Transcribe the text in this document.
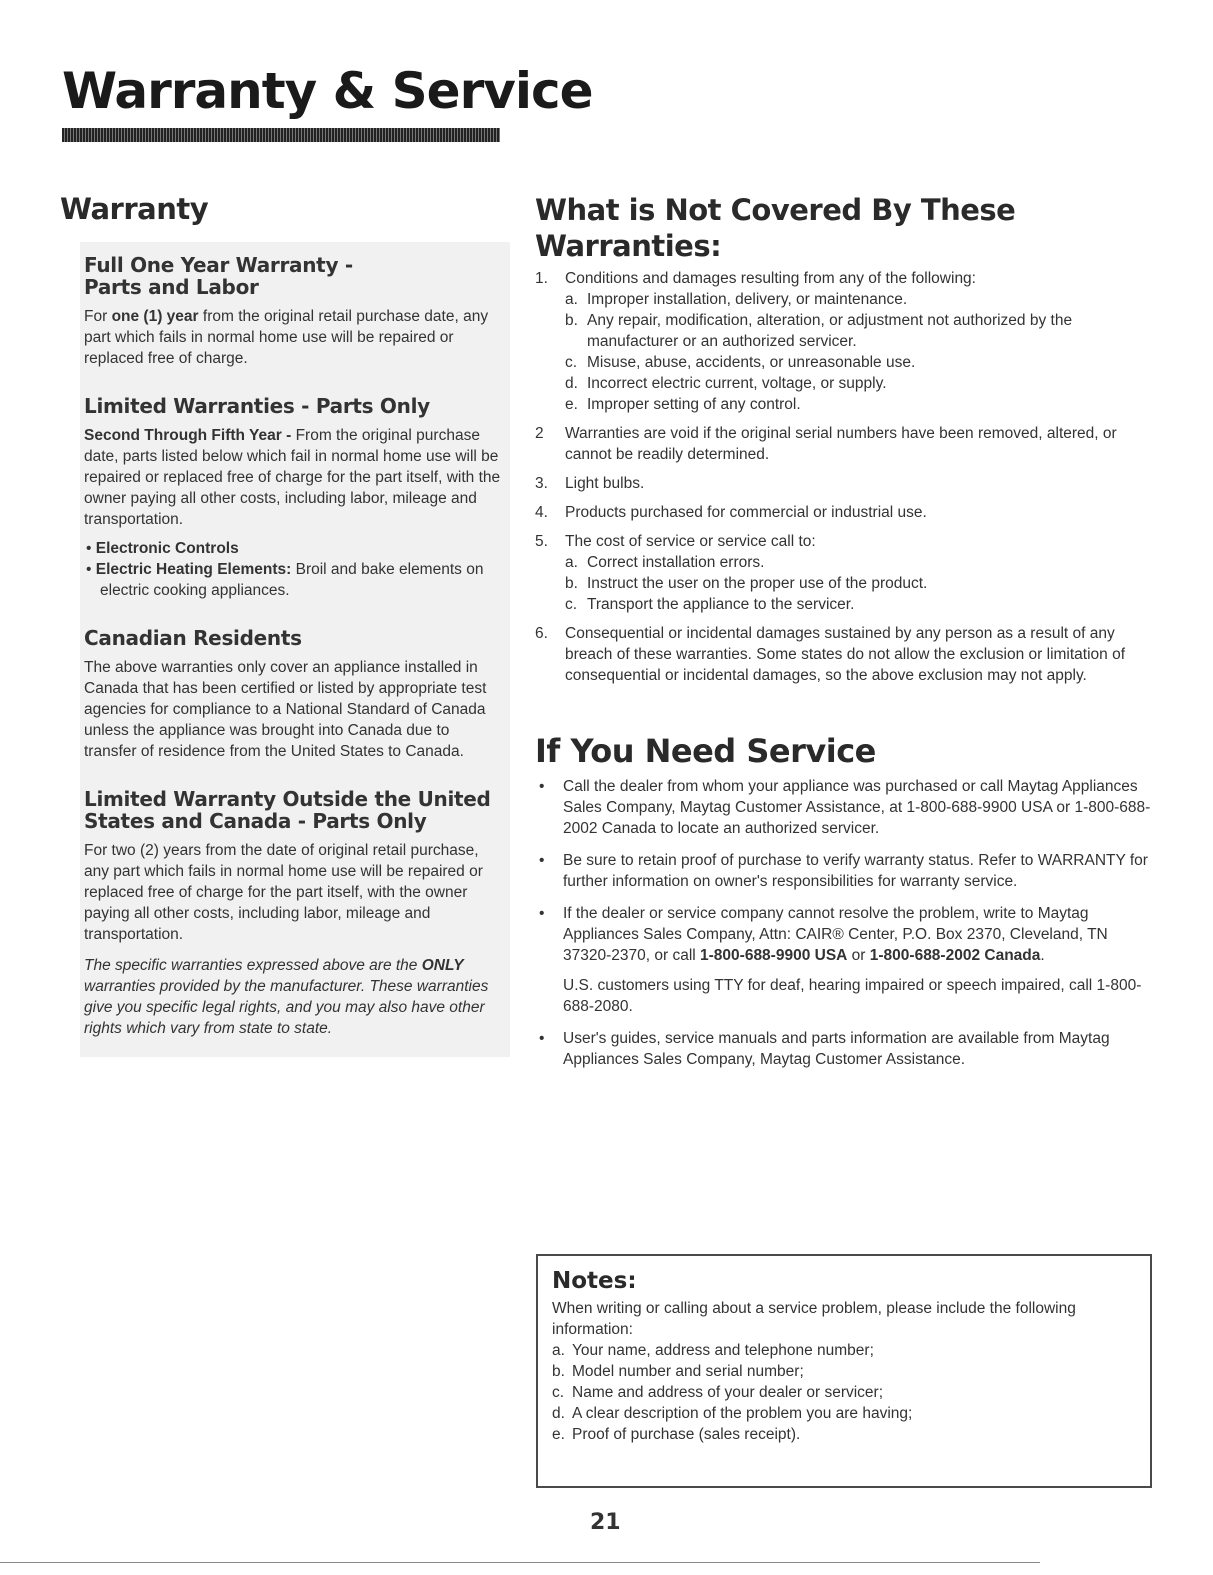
Warranty & Service
Warranty
Full One Year Warranty -
Parts and Labor

For one (1) year from the original retail purchase date, any part which fails in normal home use will be repaired or replaced free of charge.

Limited Warranties - Parts Only

Second Through Fifth Year - From the original purchase date, parts listed below which fail in normal home use will be repaired or replaced free of charge for the part itself, with the owner paying all other costs, including labor, mileage and transportation.

• Electronic Controls

• Electric Heating Elements: Broil and bake elements on electric cooking appliances.

Canadian Residents

The above warranties only cover an appliance installed in Canada that has been certified or listed by appropriate test agencies for compliance to a National Standard of Canada unless the appliance was brought into Canada due to transfer of residence from the United States to Canada.

Limited Warranty Outside the United
States and Canada - Parts Only

For two (2) years from the date of original retail purchase, any part which fails in normal home use will be repaired or replaced free of charge for the part itself, with the owner paying all other costs, including labor, mileage and transportation.

The specific warranties expressed above are the ONLY warranties provided by the manufacturer. These warranties give you specific legal rights, and you may also have other rights which vary from state to state.

What is Not Covered By These
Warranties:
1. Conditions and damages resulting from any of the following:
a. Improper installation, delivery, or maintenance.
b. Any repair, modification, alteration, or adjustment not authorized by the manufacturer or an authorized servicer.
c. Misuse, abuse, accidents, or unreasonable use.
d. Incorrect electric current, voltage, or supply.
e. Improper setting of any control.
2 Warranties are void if the original serial numbers have been removed, altered, or cannot be readily determined.
3. Light bulbs.
4. Products purchased for commercial or industrial use.
5. The cost of service or service call to:
a. Correct installation errors.
b. Instruct the user on the proper use of the product.
c. Transport the appliance to the servicer.
6. Consequential or incidental damages sustained by any person as a result of any breach of these warranties. Some states do not allow the exclusion or limitation of consequential or incidental damages, so the above exclusion may not apply.
If You Need Service
• Call the dealer from whom your appliance was purchased or call Maytag Appliances Sales Company, Maytag Customer Assistance, at 1-800-688-9900 USA or 1-800-688-2002 Canada to locate an authorized servicer.
• Be sure to retain proof of purchase to verify warranty status. Refer to WARRANTY for further information on owner's responsibilities for warranty service.
• If the dealer or service company cannot resolve the problem, write to Maytag Appliances Sales Company, Attn: CAIR® Center, P.O. Box 2370, Cleveland, TN 37320-2370, or call 1-800-688-9900 USA or 1-800-688-2002 Canada.

U.S. customers using TTY for deaf, hearing impaired or speech impaired, call 1-800-688-2080.

• User's guides, service manuals and parts information are available from Maytag Appliances Sales Company, Maytag Customer Assistance.
Notes:

When writing or calling about a service problem, please include the following information:

a. Your name, address and telephone number;
b. Model number and serial number;
c. Name and address of your dealer or servicer;
d. A clear description of the problem you are having;
e. Proof of purchase (sales receipt).
21
